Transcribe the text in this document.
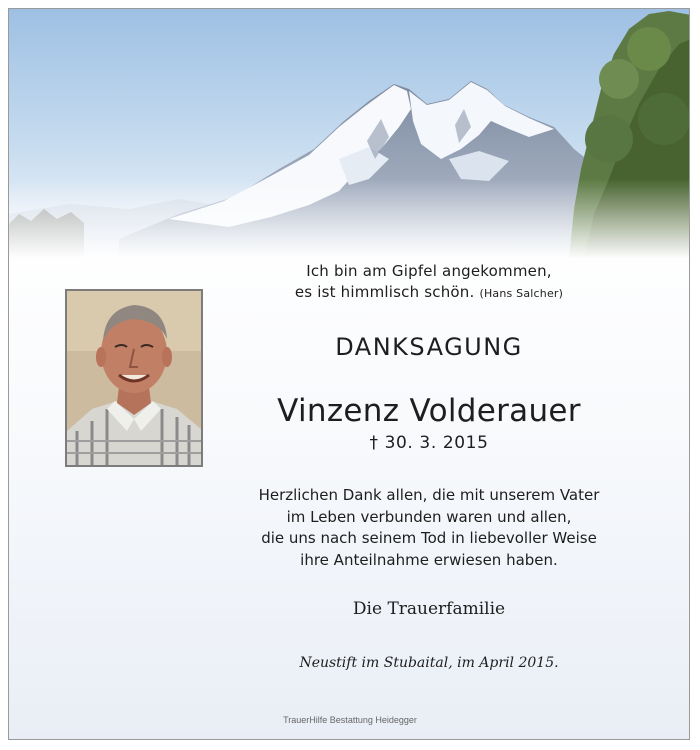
Ich bin am Gipfel angekommen,
es ist himmlisch schön. (Hans Salcher)
DANKSAGUNG
Vinzenz Volderauer
† 30. 3. 2015
Herzlichen Dank allen, die mit unserem Vater
im Leben verbunden waren und allen,
die uns nach seinem Tod in liebevoller Weise
ihre Anteilnahme erwiesen haben.
Die Trauerfamilie
Neustift im Stubaital, im April 2015.
TrauerHilfe Bestattung Heidegger
